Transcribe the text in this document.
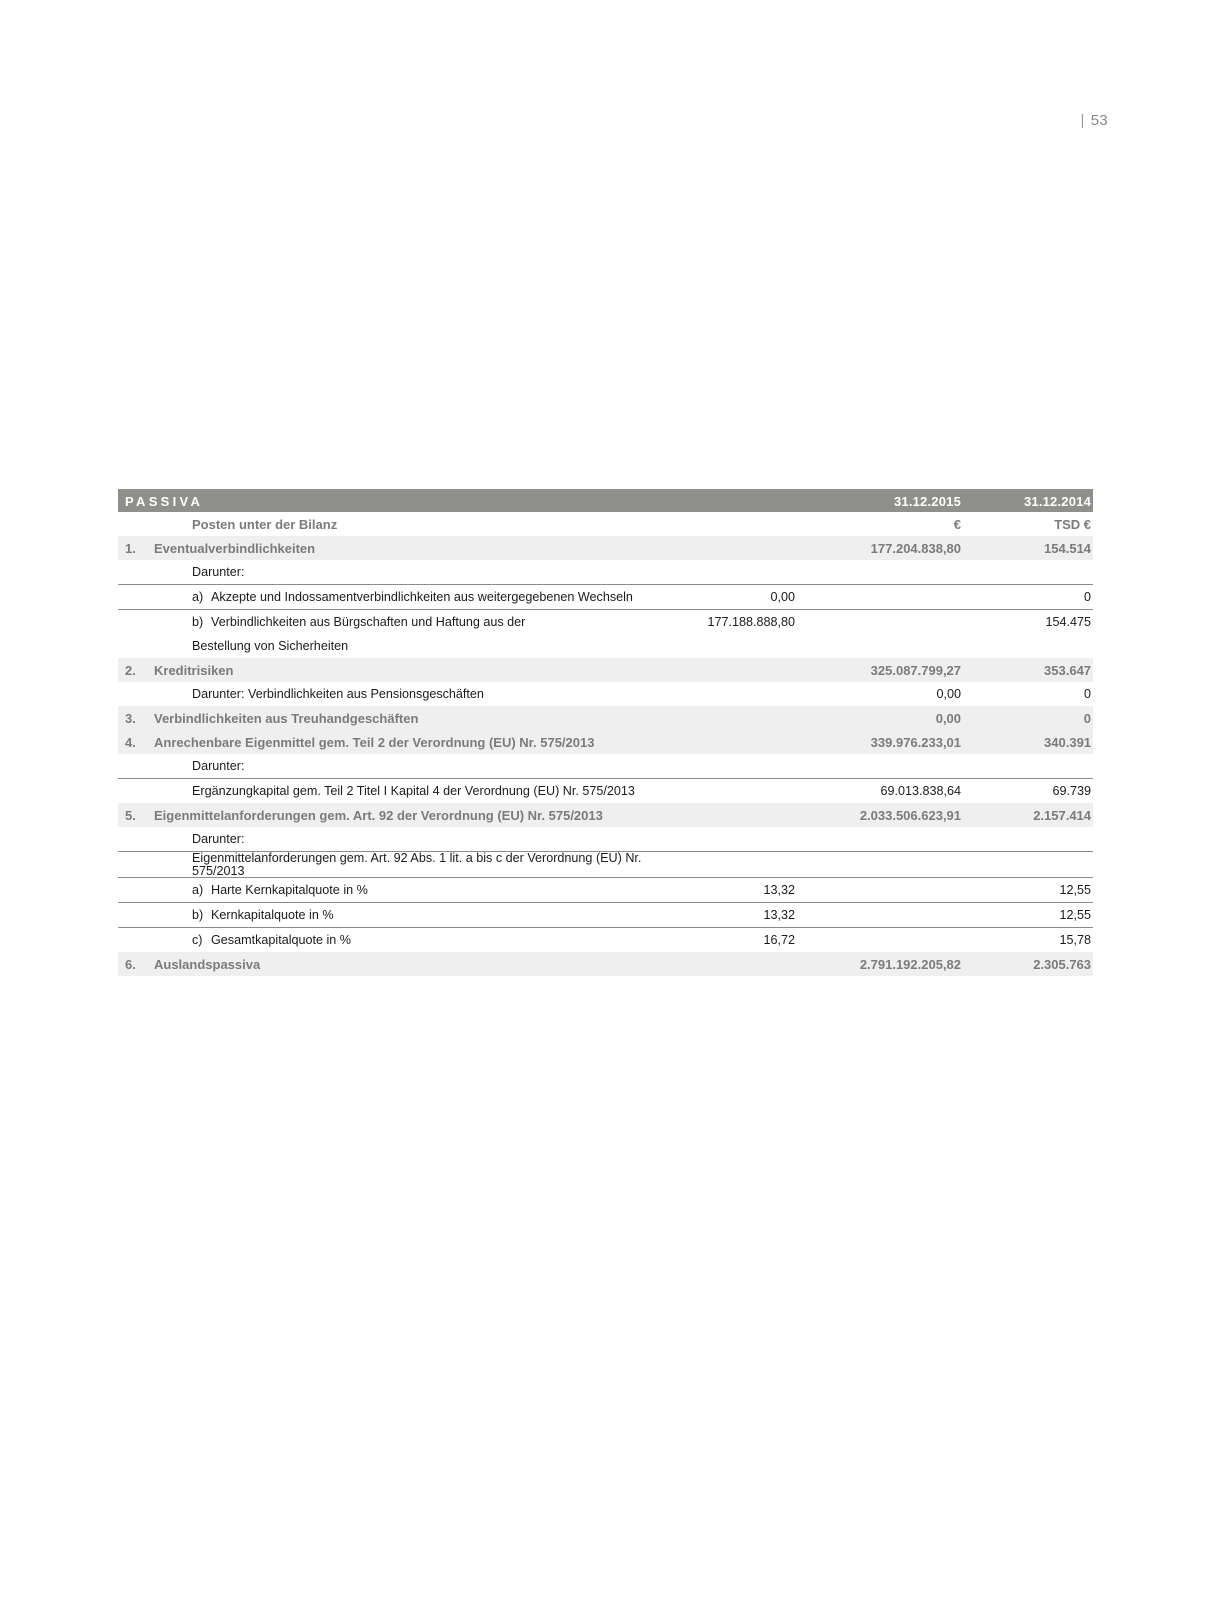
| 53
PASSIVA			31.12.2015	31.12.2014
	Posten unter der Bilanz		€	TSD €
1.	Eventualverbindlichkeiten		177.204.838,80	154.514
	Darunter:			

	a) Akzepte und Indossamentverbindlichkeiten aus weitergegebenen Wechseln	0,00		0

	b) Verbindlichkeiten aus Bürgschaften und Haftung aus der	177.188.888,80		154.475
	Bestellung von Sicherheiten			
2.	Kreditrisiken		325.087.799,27	353.647
	Darunter: Verbindlichkeiten aus Pensionsgeschäften		0,00	0
3.	Verbindlichkeiten aus Treuhandgeschäften		0,00	0
4.	Anrechenbare Eigenmittel gem. Teil 2 der Verordnung (EU) Nr. 575/2013		339.976.233,01	340.391
	Darunter:			
	Ergänzungkapital gem. Teil 2 Titel I Kapital 4 der Verordnung (EU) Nr. 575/2013		69.013.838,64	69.739
5.	Eigenmittelanforderungen gem. Art. 92 der Verordnung (EU) Nr. 575/2013		2.033.506.623,91	2.157.414
	Darunter:			
	Eigenmittelanforderungen gem. Art. 92 Abs. 1 lit. a bis c der Verordnung (EU) Nr. 575/2013			

	a) Harte Kernkapitalquote in %	13,32		12,55

	b) Kernkapitalquote in %	13,32		12,55

	c) Gesamtkapitalquote in %	16,72		15,78
6.	Auslandspassiva		2.791.192.205,82	2.305.763
